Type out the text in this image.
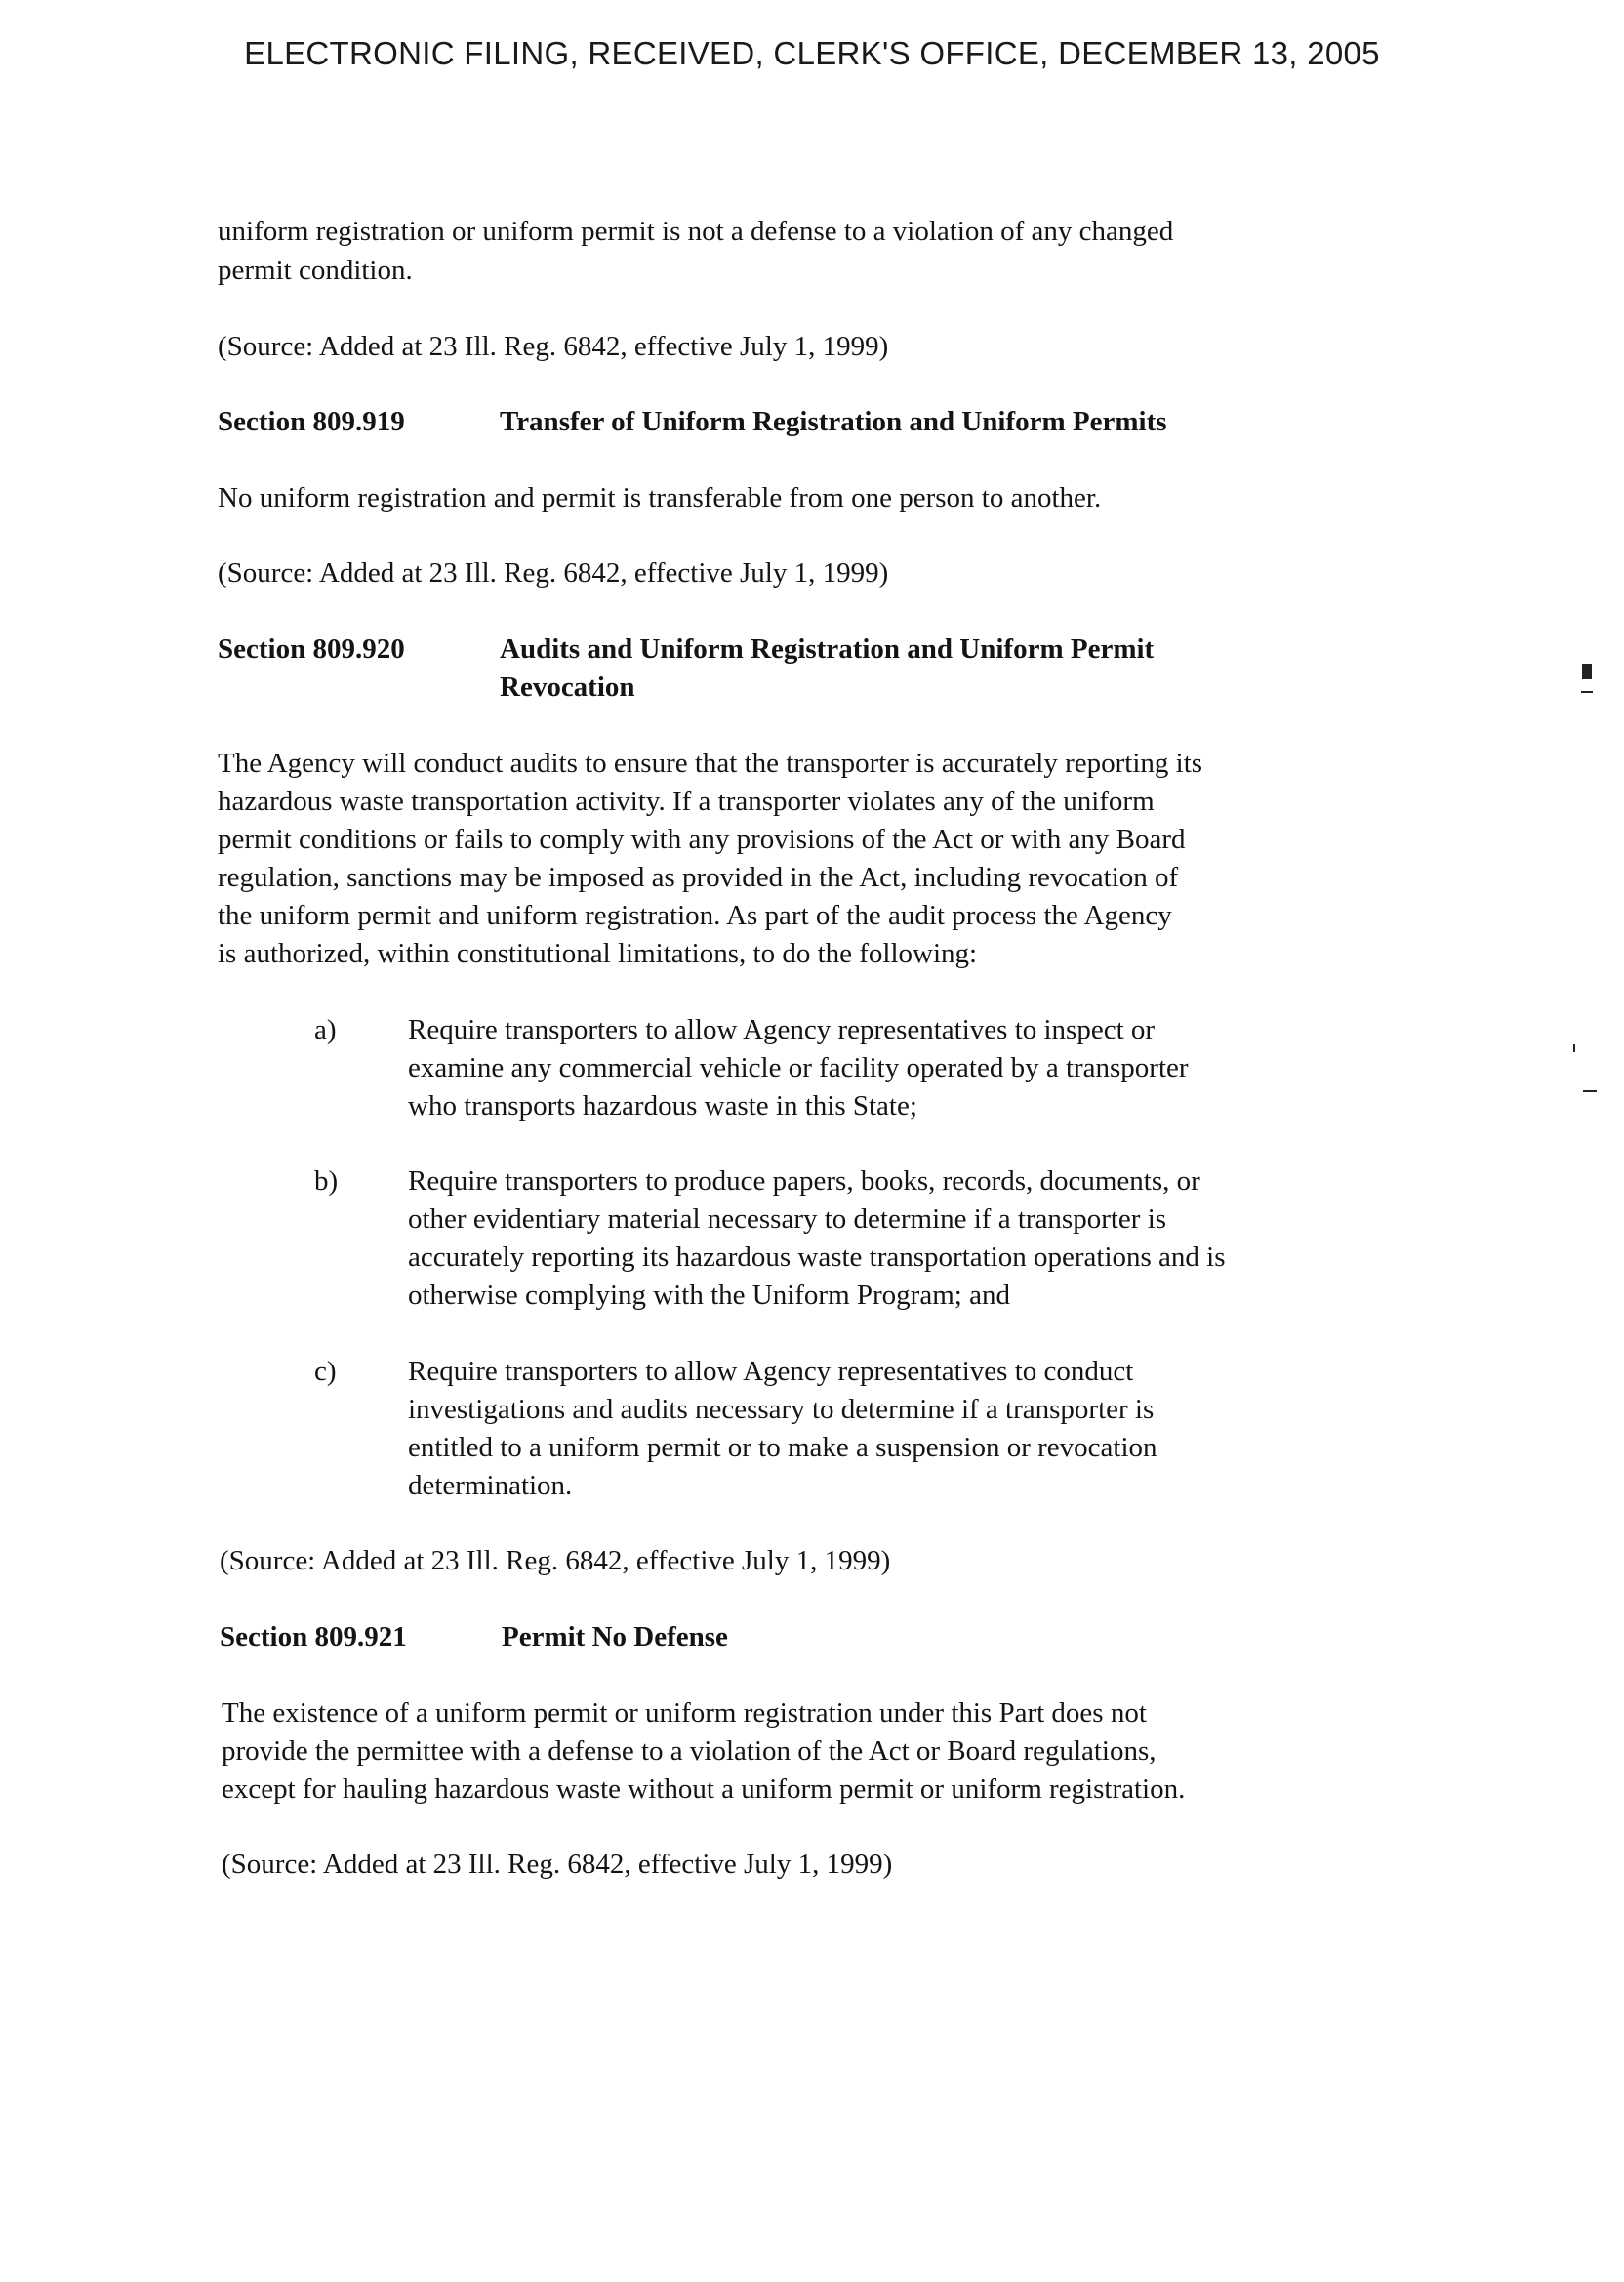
ELECTRONIC FILING, RECEIVED, CLERK'S OFFICE, DECEMBER 13, 2005
uniform registration or uniform permit is not a defense to a violation of any changed
permit condition.
(Source: Added at 23 Ill. Reg. 6842, effective July 1, 1999)
Section 809.919	Transfer of Uniform Registration and Uniform Permits
No uniform registration and permit is transferable from one person to another.
(Source: Added at 23 Ill. Reg. 6842, effective July 1, 1999)
Section 809.920	Audits and Uniform Registration and Uniform Permit
Revocation
The Agency will conduct audits to ensure that the transporter is accurately reporting its
hazardous waste transportation activity. If a transporter violates any of the uniform
permit conditions or fails to comply with any provisions of the Act or with any Board
regulation, sanctions may be imposed as provided in the Act, including revocation of
the uniform permit and uniform registration. As part of the audit process the Agency
is authorized, within constitutional limitations, to do the following:
a)	Require transporters to allow Agency representatives to inspect or
examine any commercial vehicle or facility operated by a transporter
who transports hazardous waste in this State;
b) Require transporters to produce papers, books, records, documents, or
other evidentiary material necessary to determine if a transporter is
accurately reporting its hazardous waste transportation operations and is
otherwise complying with the Uniform Program; and
c)	Require transporters to allow Agency representatives to conduct
investigations and audits necessary to determine if a transporter is
entitled to a uniform permit or to make a suspension or revocation
determination.
(Source: Added at 23 Ill. Reg. 6842, effective July 1, 1999)
Section 809.921	Permit No Defense
The existence of a uniform permit or uniform registration under this Part does not
provide the permittee with a defense to a violation of the Act or Board regulations,
except for hauling hazardous waste without a uniform permit or uniform registration.
(Source: Added at 23 Ill. Reg. 6842, effective July 1, 1999)
